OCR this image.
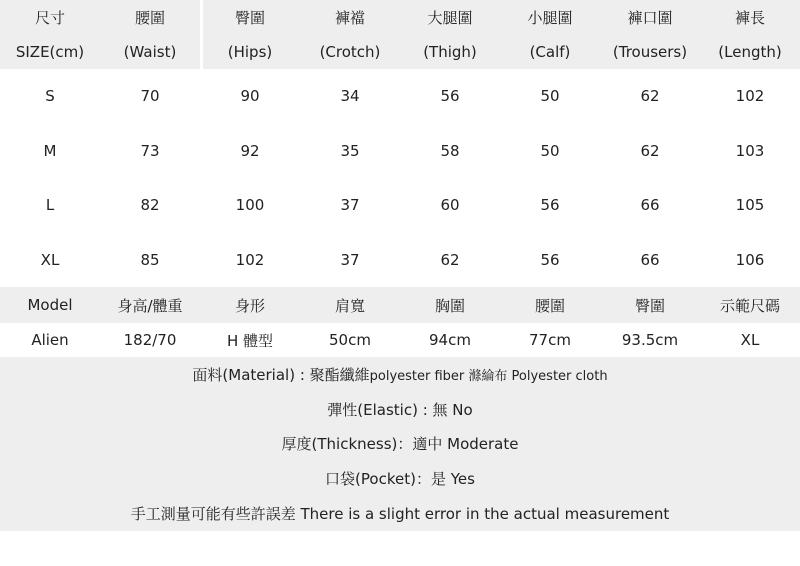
尺寸	腰圍	臀圍	褲襠	大腿圍	小腿圍	褲口圍	褲長
SIZE(cm)	(Waist)	(Hips)	(Crotch)	(Thigh)	(Calf)	(Trousers)	(Length)
S	70	90	34	56	50	62	102
M	73	92	35	58	50	62	103
L	82	100	37	60	56	66	105
XL	85	102	37	62	56	66	106
Model	身高/體重	身形	肩寬	胸圍	腰圍	臀圍	示範尺碼
Alien	182/70	H 體型	50cm	94cm	77cm	93.5cm	XL
面料(Material) : 聚酯纖維 polyester fiber 滌綸布 Polyester cloth
彈性(Elastic) : 無 No
厚度(Thickness)：適中 Moderate
口袋(Pocket)：是 Yes
手工測量可能有些許誤差 There is a slight error in the actual measurement
